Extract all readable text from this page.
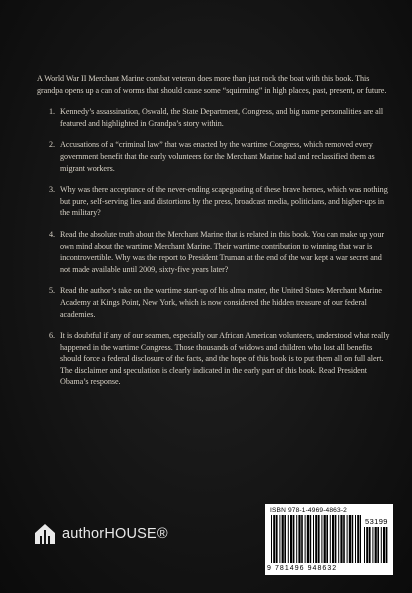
A World War II Merchant Marine combat veteran does more than just rock the boat with this book. This grandpa opens up a can of worms that should cause some “squirming” in high places, past, present, or future.

1. Kennedy’s assassination, Oswald, the State Department, Congress, and big name personalities are all featured and highlighted in Grandpa’s story within.
2. Accusations of a “criminal law” that was enacted by the wartime Congress, which removed every government benefit that the early volunteers for the Merchant Marine had and reclassified them as migrant workers.
3. Why was there acceptance of the never-ending scapegoating of these brave heroes, which was nothing but pure, self-serving lies and distortions by the press, broadcast media, politicians, and higher-ups in the military?
4. Read the absolute truth about the Merchant Marine that is related in this book. You can make up your own mind about the wartime Merchant Marine. Their wartime contribution to winning that war is incontrovertible. Why was the report to President Truman at the end of the war kept a war secret and not made available until 2009, sixty-five years later?
5. Read the author’s take on the wartime start-up of his alma mater, the United States Merchant Marine Academy at Kings Point, New York, which is now considered the hidden treasure of our federal academies.
6. It is doubtful if any of our seamen, especially our African American volunteers, understood what really happened in the wartime Congress. Those thousands of widows and children who lost all benefits should force a federal disclosure of the facts, and the hope of this book is to put them all on full alert. The disclaimer and speculation is clearly indicated in the early part of this book. Read President Obama’s response.
authorHOUSE®
ISBN 978-1-4969-4863-2
53199
9 781496 948632
